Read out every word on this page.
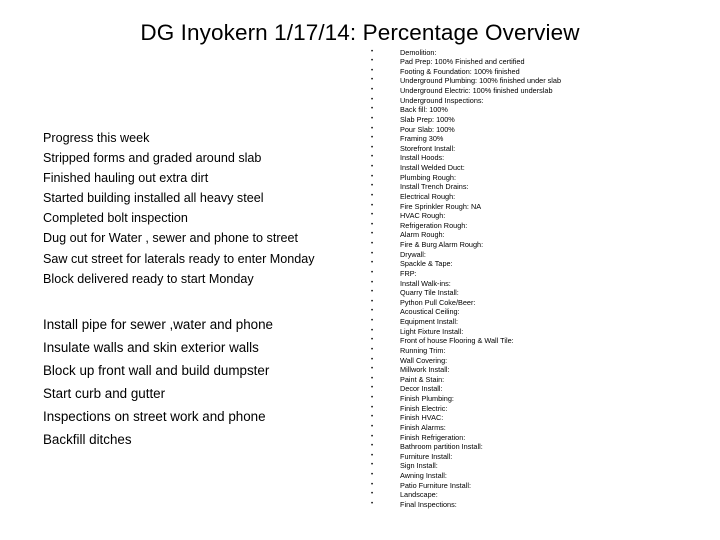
DG Inyokern 1/17/14: Percentage Overview
Progress this week
Stripped forms and graded around slab
Finished hauling out extra dirt
Started building installed all heavy steel
Completed bolt inspection
Dug out for Water , sewer and phone to street
Saw cut street for laterals ready to enter Monday
Block delivered ready to start Monday
Install pipe for sewer ,water and phone
Insulate walls and skin exterior walls
Block up front wall and build dumpster
Start curb and gutter
Inspections on street work and phone
Backfill ditches
•	Demolition:
•	Pad Prep: 100% Finished and certified
•	Footing & Foundation: 100% finished
•	Underground Plumbing: 100% finished under slab
•	Underground Electric: 100% finished underslab
•	Underground Inspections:
•	Back fill: 100%
•	Slab Prep: 100%
•	Pour Slab: 100%
•	Framing 30%
•	Storefront Install:
•	Install Hoods:
•	Install Welded Duct:
•	Plumbing Rough:
•	Install Trench Drains:
•	Electrical Rough:
•	Fire Sprinkler Rough: NA
•	HVAC Rough:
•	Refrigeration Rough:
•	Alarm Rough:
•	Fire & Burg Alarm Rough:
•	Drywall:
•	Spackle & Tape:
•	FRP:
•	Install Walk-ins:
•	Quarry Tile Install:
•	Python Pull Coke/Beer:
•	Acoustical Ceiling:
•	Equipment Install:
•	Light Fixture Install:
•	Front of house Flooring & Wall Tile:
•	Running Trim:
•	Wall Covering:
•	Millwork Install:
•	Paint & Stain:
•	Decor Install:
•	Finish Plumbing:
•	Finish Electric:
•	Finish HVAC:
•	Finish Alarms:
•	Finish Refrigeration:
•	Bathroom partition Install:
•	Furniture Install:
•	Sign Install:
•	Awning Install:
•	Patio Furniture Install:
•	Landscape:
•	Final Inspections:
